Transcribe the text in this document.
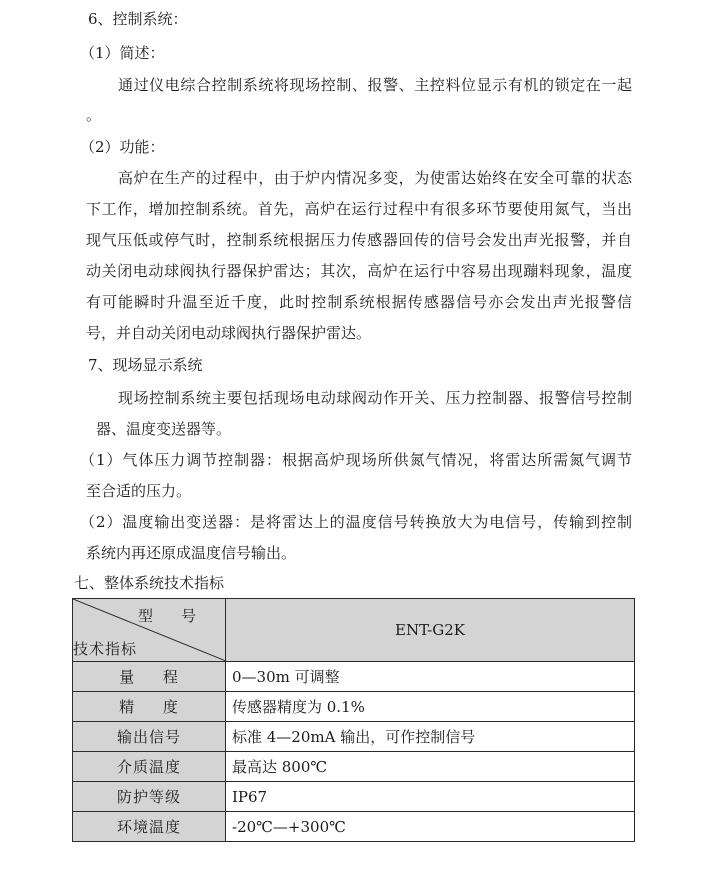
6、控制系统：
（1）简述：
通过仪电综合控制系统将现场控制、报警、主控料位显示有机的锁定在一起
。
（2）功能：
高炉在生产的过程中，由于炉内情况多变，为使雷达始终在安全可靠的状态
下工作，增加控制系统。首先，高炉在运行过程中有很多环节要使用氮气，当出
现气压低或停气时，控制系统根据压力传感器回传的信号会发出声光报警，并自
动关闭电动球阀执行器保护雷达；其次，高炉在运行中容易出现蹦料现象，温度
有可能瞬时升温至近千度，此时控制系统根据传感器信号亦会发出声光报警信
号，并自动关闭电动球阀执行器保护雷达。
7、现场显示系统
现场控制系统主要包括现场电动球阀动作开关、压力控制器、报警信号控制
器、温度变送器等。
（1）气体压力调节控制器：根据高炉现场所供氮气情况，将雷达所需氮气调节
至合适的压力。
（2）温度输出变送器：是将雷达上的温度信号转换放大为电信号，传输到控制
系统内再还原成温度信号输出。
七、整体系统技术指标
型号
技术指标	ENT-G2K
量 程	0—30m 可调整
精 度	传感器精度为 0.1%
输出信号	标准 4—20mA 输出，可作控制信号
介质温度	最高达 800℃
防护等级	IP67
环境温度	-20℃—+300℃
